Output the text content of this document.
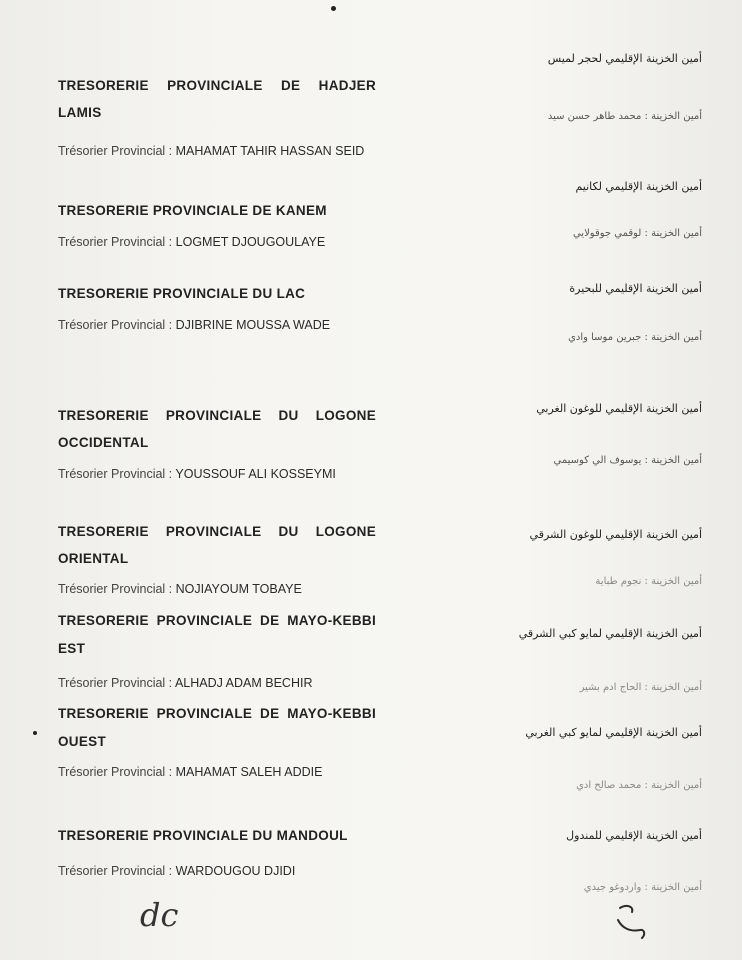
أمين الخزينة الإقليمي لحجر لميس
TRESORERIE PROVINCIALE DE HADJER LAMIS	أمين الخزينة : محمد طاهر حسن سيد
Trésorier Provincial : MAHAMAT TAHIR HASSAN SEID
أمين الخزينة الإقليمي لكانيم
TRESORERIE PROVINCIALE DE KANEM
أمين الخزينة : لوقمي جوقولايي
Trésorier Provincial : LOGMET DJOUGOULAYE
أمين الخزينة الإقليمي للبحيرة
TRESORERIE PROVINCIALE DU LAC
Trésorier Provincial : DJIBRINE MOUSSA WADE
أمين الخزينة : جبرين موسا وادي
أمين الخزينة الإقليمي للوغون الغربي
TRESORERIE PROVINCIALE DU LOGONE OCCIDENTAL
أمين الخزينة : يوسوف الي كوسيمي
Trésorier Provincial : YOUSSOUF ALI KOSSEYMI
أمين الخزينة الإقليمي للوغون الشرقي
TRESORERIE PROVINCIALE DU LOGONE ORIENTAL
Trésorier Provincial : NOJIAYOUM TOBAYE
أمين الخزينة : نجوم طباية
أمين الخزينة الإقليمي لمايو كبي الشرقي
TRESORERIE PROVINCIALE DE MAYO-KEBBI EST
Trésorier Provincial : ALHADJ ADAM BECHIR	أمين الخزينة : الحاج ادم بشير
أمين الخزينة الإقليمي لمايو كبي الغربي
TRESORERIE PROVINCIALE DE MAYO-KEBBI OUEST
Trésorier Provincial : MAHAMAT SALEH ADDIE
أمين الخزينة : محمد صالح ادي
أمين الخزينة الإقليمي للمندول
TRESORERIE PROVINCIALE DU MANDOUL
Trésorier Provincial : WARDOUGOU DJIDI
أمين الخزينة : واردوغو جيدي
dc
